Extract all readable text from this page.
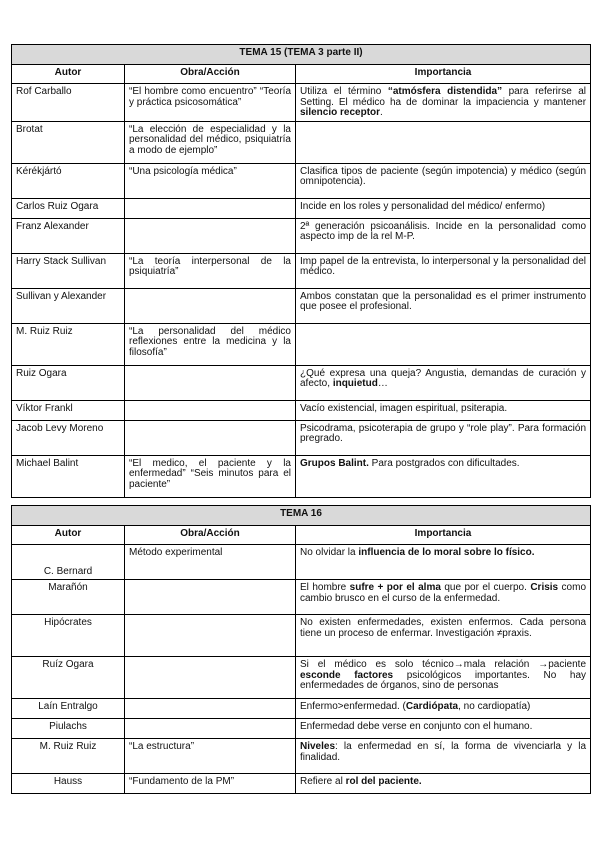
TEMA 15 (TEMA 3 parte II)		
Autor	Obra/Acción	Importancia
Rof Carballo	“El hombre como encuentro” “Teoría y práctica psicosomática”	Utiliza el término “atmósfera distendida” para referirse al Setting. El médico ha de dominar la impaciencia y mantener silencio receptor.
Brotat	“La elección de especialidad y la personalidad del médico, psiquiatría a modo de ejemplo”	
Kérékjártó	“Una psicología médica”	Clasifica tipos de paciente (según impotencia) y médico (según omnipotencia).
Carlos Ruiz Ogara		Incide en los roles y personalidad del médico/ enfermo)
Franz Alexander		2ª generación psicoanálisis. Incide en la personalidad como aspecto imp de la rel M-P.
Harry Stack Sullivan	“La teoría interpersonal de la psiquiatría”	Imp papel de la entrevista, lo interpersonal y la personalidad del médico.
Sullivan y Alexander		Ambos constatan que la personalidad es el primer instrumento que posee el profesional.
M. Ruiz Ruiz	“La personalidad del médico reflexiones entre la medicina y la filosofía”	
Ruiz Ogara		¿Qué expresa una queja? Angustia, demandas de curación y afecto, inquietud…
Víktor Frankl		Vacío existencial, imagen espiritual, psiterapia.
Jacob Levy Moreno		Psicodrama, psicoterapia de grupo y “role play”. Para formación pregrado.
Michael Balint	“El medico, el paciente y la enfermedad” “Seis minutos para el paciente”	Grupos Balint. Para postgrados con dificultades.
TEMA 16		
Autor	Obra/Acción	Importancia
C. Bernard	Método experimental	No olvidar la influencia de lo moral sobre lo físico.
Marañón		El hombre sufre + por el alma que por el cuerpo. Crisis como cambio brusco en el curso de la enfermedad.
Hipócrates		No existen enfermedades, existen enfermos. Cada persona tiene un proceso de enfermar. Investigación ≠praxis.
Ruíz Ogara		Si el médico es solo técnico→mala relación →paciente esconde factores psicológicos importantes. No hay enfermedades de órganos, sino de personas
Laín Entralgo		Enfermo>enfermedad. (Cardiópata, no cardiopatía)
Piulachs		Enfermedad debe verse en conjunto con el humano.
M. Ruiz Ruiz	“La estructura”	Niveles: la enfermedad en sí, la forma de vivenciarla y la finalidad.
Hauss	“Fundamento de la PM”	Refiere al rol del paciente.
